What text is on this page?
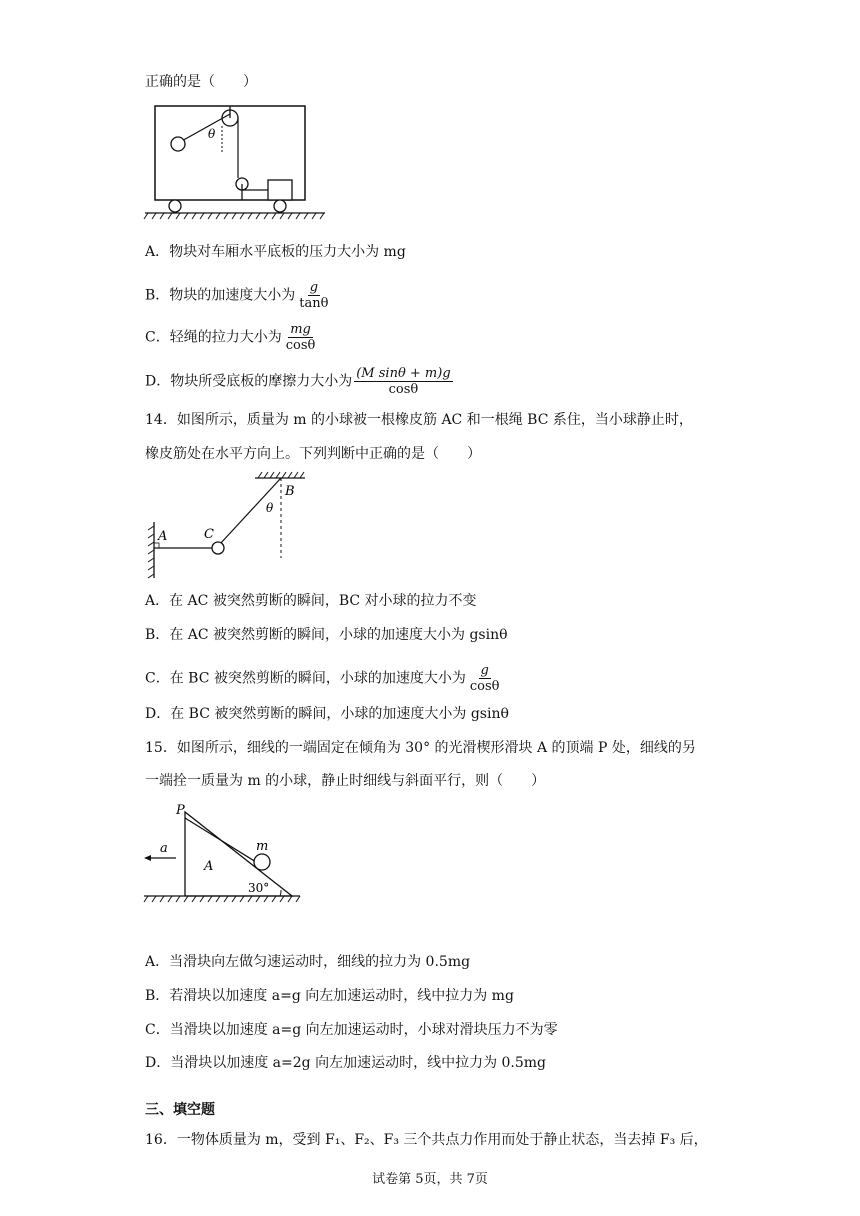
正确的是（　　）
θ
A．物块对车厢水平底板的压力大小为 mg
B．物块的加速度大小为 $\frac{g}{\tan\theta}$
C．轻绳的拉力大小为 $\frac{mg}{\cos\theta}$
D．物块所受底板的摩擦力大小为 $\frac{\text{(M sinθ + m)g}}{\cos\theta}$
14．如图所示，质量为 m 的小球被一根橡皮筋 AC 和一根绳 BC 系住，当小球静止时，
橡皮筋处在水平方向上。下列判断中正确的是（　　）
B
θ
A	C
A．在 AC 被突然剪断的瞬间，BC 对小球的拉力不变
B．在 AC 被突然剪断的瞬间，小球的加速度大小为 gsinθ
C．在 BC 被突然剪断的瞬间，小球的加速度大小为 $\frac{g}{\cos\theta}$
D．在 BC 被突然剪断的瞬间，小球的加速度大小为 gsinθ
15．如图所示，细线的一端固定在倾角为 30° 的光滑楔形滑块 A 的顶端 P 处，细线的另
一端拴一质量为 m 的小球，静止时细线与斜面平行，则（　　）
P
m
A
30°
a
A．当滑块向左做匀速运动时，细线的拉力为 0.5mg
B．若滑块以加速度 a=g 向左加速运动时，线中拉力为 mg
C．当滑块以加速度 a=g 向左加速运动时，小球对滑块压力不为零
D．当滑块以加速度 a=2g 向左加速运动时，线中拉力为 0.5mg
三、填空题
16．一物体质量为 m，受到 F₁、F₂、F₃ 三个共点力作用而处于静止状态，当去掉 F₃ 后，
试卷第 5页，共 7页
